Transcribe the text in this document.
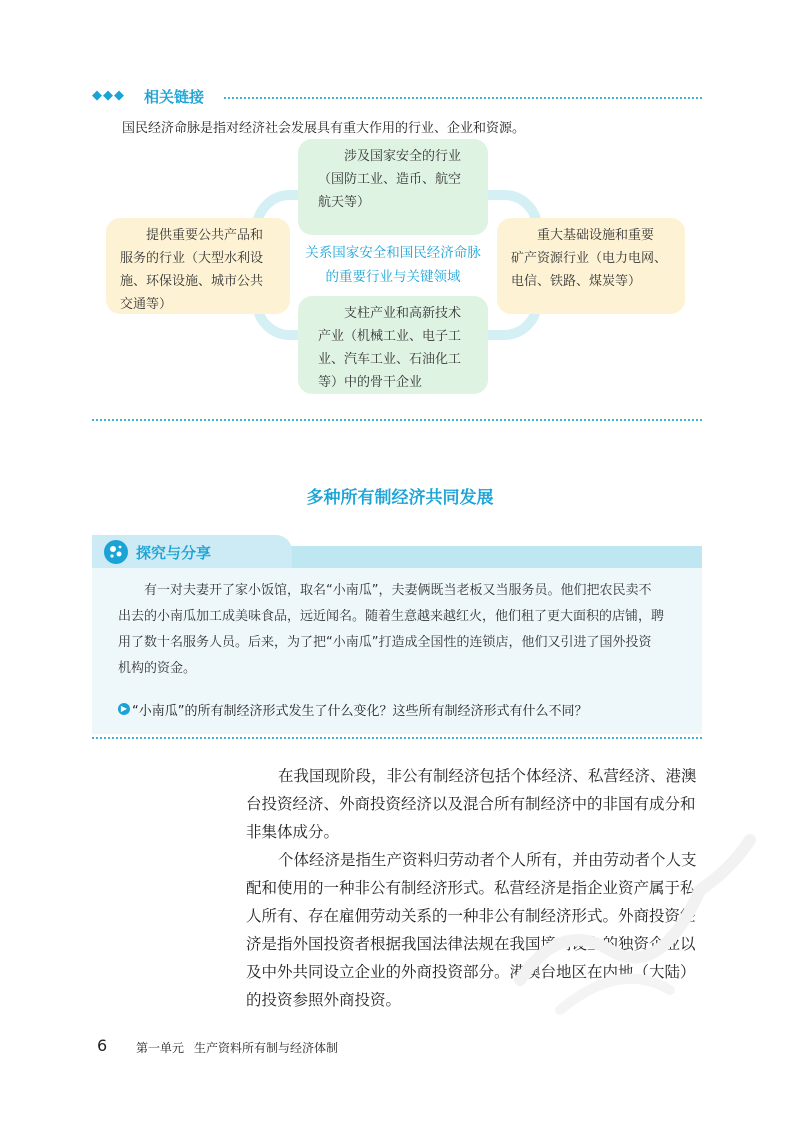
◆◆◆ 相关链接
国民经济命脉是指对经济社会发展具有重大作用的行业、企业和资源。
涉及国家安全的行业
（国防工业、造币、航空
航天等）
提供重要公共产品和
服务的行业（大型水利设
施、环保设施、城市公共
交通等）
重大基础设施和重要
矿产资源行业（电力电网、
电信、铁路、煤炭等）
支柱产业和高新技术
产业（机械工业、电子工
业、汽车工业、石油化工
等）中的骨干企业
关系国家安全和国民经济命脉
的重要行业与关键领域
多种所有制经济共同发展
探究与分享
有一对夫妻开了家小饭馆，取名“小南瓜”，夫妻俩既当老板又当服务员。他们把农民卖不
出去的小南瓜加工成美味食品，远近闻名。随着生意越来越红火，他们租了更大面积的店铺，聘
用了数十名服务人员。后来，为了把“小南瓜”打造成全国性的连锁店，他们又引进了国外投资
机构的资金。
▶ “小南瓜”的所有制经济形式发生了什么变化？这些所有制经济形式有什么不同？
在我国现阶段，非公有制经济包括个体经济、私营经济、港澳
台投资经济、外商投资经济以及混合所有制经济中的非国有成分和
非集体成分。
个体经济是指生产资料归劳动者个人所有，并由劳动者个人支
配和使用的一种非公有制经济形式。私营经济是指企业资产属于私
人所有、存在雇佣劳动关系的一种非公有制经济形式。外商投资经
济是指外国投资者根据我国法律法规在我国境内设立的独资企业以
及中外共同设立企业的外商投资部分。港澳台地区在内地（大陆）
的投资参照外商投资。
6 第一单元 生产资料所有制与经济体制
